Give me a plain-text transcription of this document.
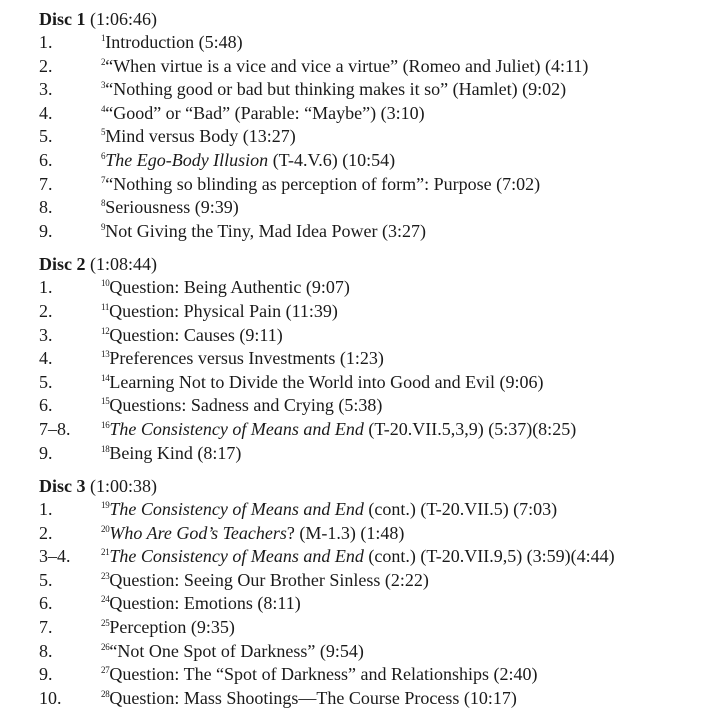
Disc 1 (1:06:46)
1.	$^1$Introduction (5:48)
2.	$^2$“When virtue is a vice and vice a virtue” (Romeo and Juliet) (4:11)
3.	$^3$“Nothing good or bad but thinking makes it so” (Hamlet) (9:02)
4.	$^4$“Good” or “Bad” (Parable: “Maybe”) (3:10)
5.	$^5$Mind versus Body (13:27)
6.	$^6$The Ego-Body Illusion (T-4.V.6) (10:54)
7.	$^7$“Nothing so blinding as perception of form”: Purpose (7:02)
8.	$^8$Seriousness (9:39)
9.	$^9$Not Giving the Tiny, Mad Idea Power (3:27)
Disc 2 (1:08:44)
1.	$^{10}$Question: Being Authentic (9:07)
2.	$^{11}$Question: Physical Pain (11:39)
3.	$^{12}$Question: Causes (9:11)
4.	$^{13}$Preferences versus Investments (1:23)
5.	$^{14}$Learning Not to Divide the World into Good and Evil (9:06)
6.	$^{15}$Questions: Sadness and Crying (5:38)
7–8.	$^{16}$The Consistency of Means and End (T-20.VII.5,3,9) (5:37)(8:25)
9.	$^{18}$Being Kind (8:17)
Disc 3 (1:00:38)
1.	$^{19}$The Consistency of Means and End (cont.) (T-20.VII.5) (7:03)
2.	$^{20}$Who Are God’s Teachers? (M-1.3) (1:48)
3–4.	$^{21}$The Consistency of Means and End (cont.) (T-20.VII.9,5) (3:59)(4:44)
5.	$^{23}$Question: Seeing Our Brother Sinless (2:22)
6.	$^{24}$Question: Emotions (8:11)
7.	$^{25}$Perception (9:35)
8.	$^{26}$“Not One Spot of Darkness” (9:54)
9.	$^{27}$Question: The “Spot of Darkness” and Relationships (2:40)
10.	$^{28}$Question: Mass Shootings—The Course Process (10:17)
